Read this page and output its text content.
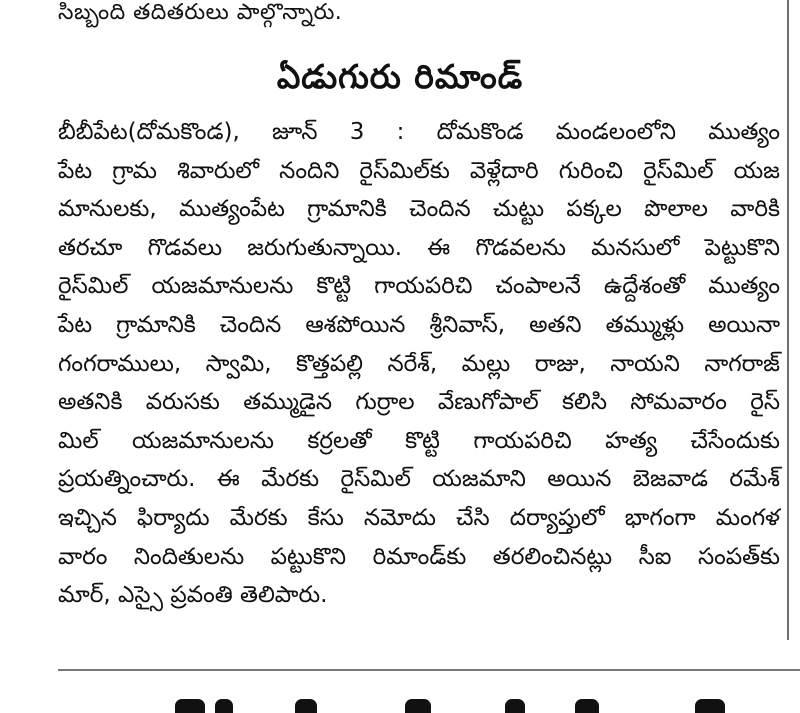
సిబ్బంది తదితరులు పాల్గొన్నారు.
ఏడుగురు రిమాండ్
బీబీపేట(దోమకొండ), జూన్ 3 : దోమకొండ మండలంలోని ముత్యం
పేట గ్రామ శివారులో నందిని రైస్‌మిల్‌కు వెళ్లేదారి గురించి రైస్‌మిల్ యజ
మానులకు, ముత్యంపేట గ్రామానికి చెందిన చుట్టు పక్కల పొలాల వారికి
తరచూ గొడవలు జరుగుతున్నాయి. ఈ గొడవలను మనసులో పెట్టుకొని
రైస్‌మిల్ యజమానులను కొట్టి గాయపరిచి చంపాలనే ఉద్దేశంతో ముత్యం
పేట గ్రామానికి చెందిన ఆశపోయిన శ్రీనివాస్, అతని తమ్ముళ్లు అయినా
గంగరాములు, స్వామి, కొత్తపల్లి నరేశ్, మల్లు రాజు, నాయని నాగరాజ్
అతనికి వరుసకు తమ్ముడైన గుర్రాల వేణుగోపాల్ కలిసి సోమవారం రైస్
మిల్ యజమానులను కర్రలతో కొట్టి గాయపరిచి హత్య చేసేందుకు
ప్రయత్నించారు. ఈ మేరకు రైస్‌మిల్ యజమాని అయిన బెజవాడ రమేశ్
ఇచ్చిన ఫిర్యాదు మేరకు కేసు నమోదు చేసి దర్యాప్తులో భాగంగా మంగళ
వారం నిందితులను పట్టుకొని రిమాండ్‌కు తరలించినట్లు సీఐ సంపత్‌కు
మార్, ఎస్సై ప్రవంతి తెలిపారు.
